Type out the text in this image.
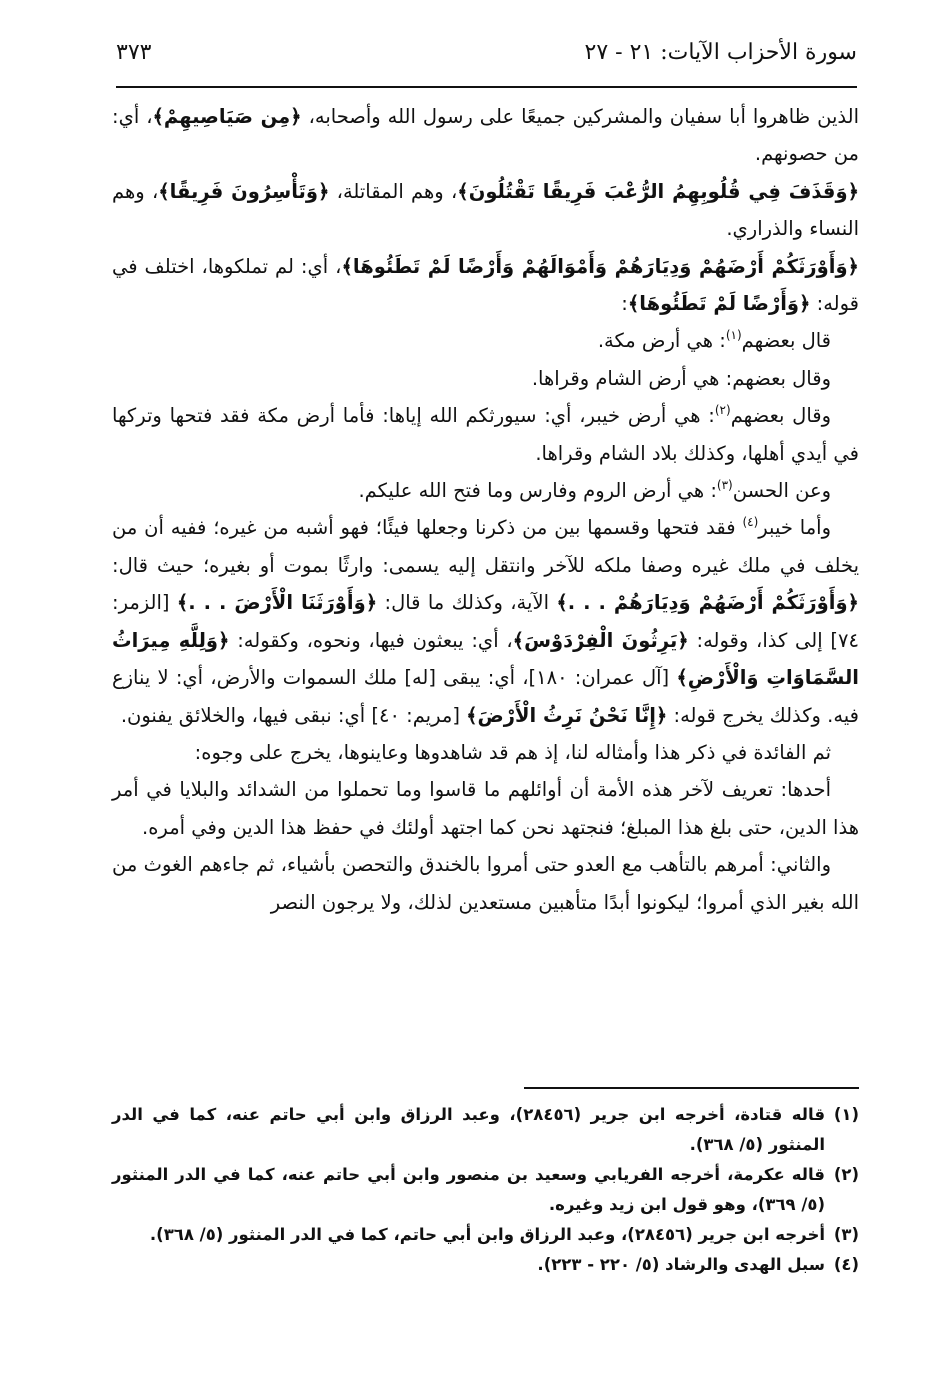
سورة الأحزاب الآيات: ٢١ - ٢٧
٣٧٣

الذين ظاهروا أبا سفيان والمشركين جميعًا على رسول الله وأصحابه، ﴿مِن صَيَاصِيهِمْ﴾، أي: من حصونهم.

﴿وَقَذَفَ فِي قُلُوبِهِمُ الرُّعْبَ فَرِيقًا تَقْتُلُونَ﴾، وهم المقاتلة، ﴿وَتَأْسِرُونَ فَرِيقًا﴾، وهم النساء والذراري.

﴿وَأَوْرَثَكُمْ أَرْضَهُمْ وَدِيَارَهُمْ وَأَمْوَالَهُمْ وَأَرْضًا لَمْ تَطَئُوهَا﴾، أي: لم تملكوها، اختلف في قوله: ﴿وَأَرْضًا لَمْ تَطَئُوهَا﴾:

قال بعضهم$^{(١)}$: هي أرض مكة.

وقال بعضهم: هي أرض الشام وقراها.

وقال بعضهم$^{(٢)}$: هي أرض خيبر، أي: سيورثكم الله إياها: فأما أرض مكة فقد فتحها وتركها في أيدي أهلها، وكذلك بلاد الشام وقراها.

وعن الحسن$^{(٣)}$: هي أرض الروم وفارس وما فتح الله عليكم.

وأما خيبر$^{(٤)}$ فقد فتحها وقسمها بين من ذكرنا وجعلها فيئًا؛ فهو أشبه من غيره؛ ففيه أن من يخلف في ملك غيره وصفا ملكه للآخر وانتقل إليه يسمى: وارثًا بموت أو بغيره؛ حيث قال: ﴿وَأَوْرَثَكُمْ أَرْضَهُمْ وَدِيَارَهُمْ . . .﴾ الآية، وكذلك ما قال: ﴿وَأَوْرَثَنَا الْأَرْضَ . . .﴾ [الزمر: ٧٤] إلى كذا، وقوله: ﴿يَرِثُونَ الْفِرْدَوْسَ﴾، أي: يبعثون فيها، ونحوه، وكقوله: ﴿وَلِلَّهِ مِيرَاثُ السَّمَاوَاتِ وَالْأَرْضِ﴾ [آل عمران: ١٨٠]، أي: يبقى [له] ملك السموات والأرض، أي: لا ينازع فيه. وكذلك يخرج قوله: ﴿إِنَّا نَحْنُ نَرِثُ الْأَرْضَ﴾ [مريم: ٤٠] أي: نبقى فيها، والخلائق يفنون.

ثم الفائدة في ذكر هذا وأمثاله لنا، إذ هم قد شاهدوها وعاينوها، يخرج على وجوه:

أحدها: تعريف لآخر هذه الأمة أن أوائلهم ما قاسوا وما تحملوا من الشدائد والبلايا في أمر هذا الدين، حتى بلغ هذا المبلغ؛ فنجتهد نحن كما اجتهد أولئك في حفظ هذا الدين وفي أمره.

والثاني: أمرهم بالتأهب مع العدو حتى أمروا بالخندق والتحصن بأشياء، ثم جاءهم الغوث من الله بغير الذي أمروا؛ ليكونوا أبدًا متأهبين مستعدين لذلك، ولا يرجون النصر

(١)
قاله قتادة، أخرجه ابن جرير (٢٨٤٥٦)، وعبد الرزاق وابن أبي حاتم عنه، كما في الدر المنثور (٥/ ٣٦٨).
(٢)
قاله عكرمة، أخرجه الفريابي وسعيد بن منصور وابن أبي حاتم عنه، كما في الدر المنثور (٥/ ٣٦٩)، وهو قول ابن زيد وغيره.
(٣)
أخرجه ابن جرير (٢٨٤٥٦)، وعبد الرزاق وابن أبي حاتم، كما في الدر المنثور (٥/ ٣٦٨).
(٤)
سبل الهدى والرشاد (٥/ ٢٢٠ - ٢٢٣).
